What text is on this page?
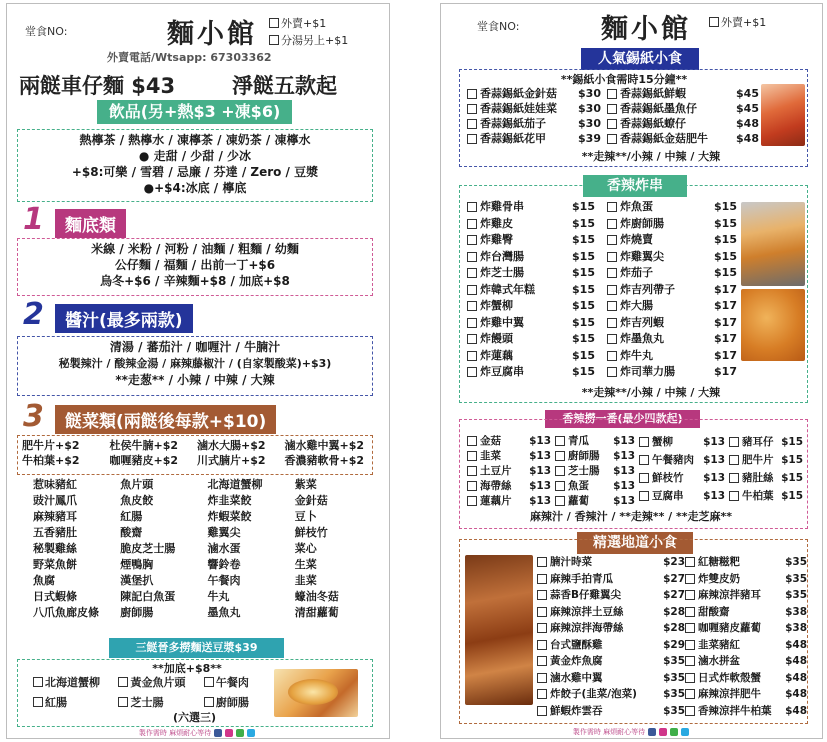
堂食NO:	麵小館	外賣+$1
分湯另上+$1
外賣電話/Wtsapp: 67303362
兩餸車仔麵 $43	淨餸五款起
飲品(另+熱$3 +凍$6)
熱檸茶 / 熱檸水 / 凍檸茶 / 凍奶茶 / 凍檸水
● 走甜 / 少甜 / 少冰
+$8:可樂 / 雪碧 / 忌廉 / 芬達 / Zero / 豆漿
●+$4:冰底 / 檸底
1	麵底類
米線 / 米粉 / 河粉 / 油麵 / 粗麵 / 幼麵
公仔麵 / 福麵 / 出前一丁+$6
烏冬+$6 / 辛辣麵+$8 / 加底+$8
2	醬汁(最多兩款)
清湯 / 蕃茄汁 / 咖喱汁 / 牛腩汁
秘製辣汁 / 酸辣金湯 / 麻辣藤椒汁 / (自家製酸菜)+$3)
**走葱** / 小辣 / 中辣 / 大辣
3	餸菜類(兩餸後每款+$10)
肥牛片+$2	杜侯牛腩+$2	滷水大腸+$2	滷水雞中翼+$2
牛柏葉+$2	咖喱豬皮+$2	川式腩片+$2	香濃豬軟骨+$2
惹味豬紅	魚片頭	北海道蟹柳	紫菜
豉汁鳳爪	魚皮餃	炸韭菜餃	金針菇
麻辣豬耳	紅腸	炸蝦菜餃	豆卜
五香豬肚	酸齋	雞翼尖	鮮枝竹
秘製雞絲	脆皮芝士腸	滷水蛋	菜心
野菜魚餅	煙鴨胸	響鈴卷	生菜
魚腐	漢堡扒	午餐肉	韭菜
日式蝦條	陳記白魚蛋	牛丸	蠔油冬菇
八爪魚廊皮條	廚師腸	墨魚丸	清甜蘿蔔
三餸晉多撈麵送豆漿$39
**加底+$8**
北海道蟹柳	黃金魚片頭	午餐肉
紅腸	芝士腸	廚師腸
(六選三)
製作需時 麻煩耐心等待
堂食NO:	麵小館	外賣+$1
人氣錫紙小食
**錫紙小食需時15分鐘**
香蒜錫紙金針菇	$30
香蒜錫紙娃娃菜	$30
香蒜錫紙茄子	$30
香蒜錫紙花甲	$39
香蒜錫紙鮮蝦	$45
香蒜錫紙墨魚仔	$45
香蒜錫紙蟟仔	$48
香蒜錫紙金菇肥牛	$48
**走辣**/小辣 / 中辣 / 大辣
香辣炸串
炸雞骨串	$15
炸雞皮	$15
炸雞臀	$15
炸台灣腸	$15
炸芝士腸	$15
炸韓式年糕	$15
炸蟹柳	$15
炸雞中翼	$15
炸饅頭	$15
炸蓮藕	$15
炸豆腐串	$15
炸魚蛋	$15
炸廚師腸	$15
炸燒賣	$15
炸雞翼尖	$15
炸茄子	$15
炸吉列帶子	$17
炸大腸	$17
炸吉列蝦	$17
炸墨魚丸	$17
炸牛丸	$17
炸司華力腸	$17
**走辣**/小辣 / 中辣 / 大辣
香辣撈一番(最少四款起)
金菇	$13
韭菜	$13
土豆片	$13
海帶絲	$13
蓮藕片	$13
青瓜	$13
廚師腸	$13
芝士腸	$13
魚蛋	$13
蘿蔔	$13
蟹柳	$13
午餐豬肉 $13
鮮枝竹	$13
豆腐串	$13
豬耳仔 $15
肥牛片 $15
豬肚絲 $15
牛柏葉 $15
麻辣汁 / 香辣汁 / **走辣** / **走芝麻**
精選地道小食
腩汁時菜	$23
麻辣手拍青瓜	$27
蒜香B仔雞翼尖	$27
麻辣涼拌土豆絲	$28
麻辣涼拌海帶絲	$28
台式鹽酥雞	$29
黃金炸魚腐	$35
滷水雞中翼	$35
炸餃子(韭菜/泡菜)	$35
鮮蝦炸雲吞	$35
紅糖糍粑	$35
炸雙皮奶	$35
麻辣涼拌豬耳	$35
甜酸齋	$38
咖喱豬皮蘿蔔	$38
韭菜豬紅	$48
滷水拼盆	$48
日式炸軟殼蟹	$48
麻辣涼拌肥牛	$48
香辣涼拌牛柏葉	$48
製作需時 麻煩耐心等待
